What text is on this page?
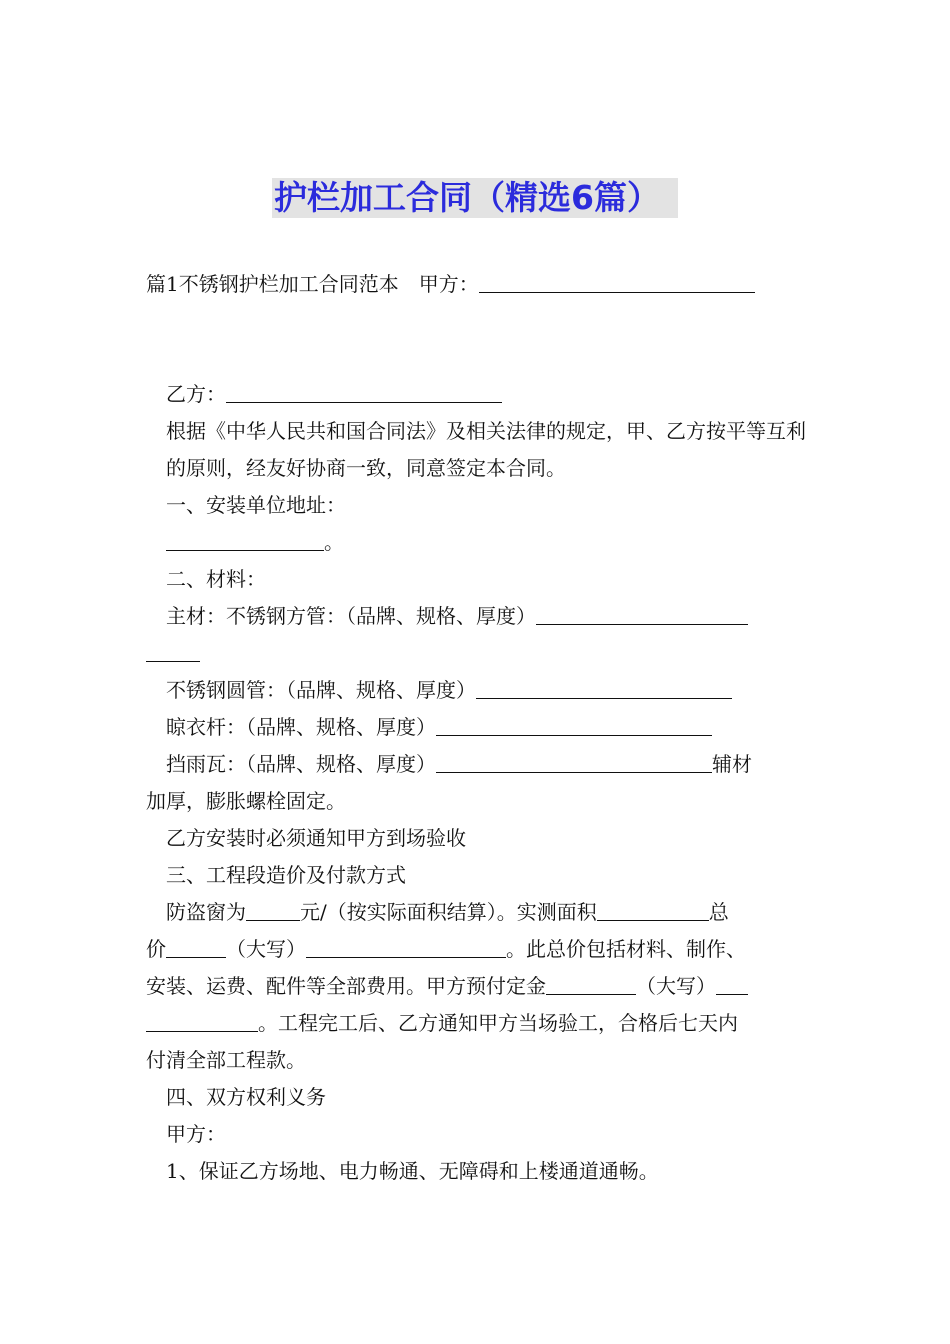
护栏加工合同（精选6篇）
篇1不锈钢护栏加工合同范本　甲方：
乙方：
根据《中华人民共和国合同法》及相关法律的规定，甲、乙方按平等互利的原则，经友好协商一致，同意签定本合同。
一、安装单位地址：
。
二、材料：
主材：不锈钢方管：（品牌、规格、厚度）
不锈钢圆管：（品牌、规格、厚度）
晾衣杆：（品牌、规格、厚度）
挡雨瓦：（品牌、规格、厚度）	辅材
加厚，膨胀螺栓固定。
乙方安装时必须通知甲方到场验收
三、工程段造价及付款方式
防盗窗为	元/（按实际面积结算）。实测面积	总
价	（大写）	。此总价包括材料、制作、
安装、运费、配件等全部费用。甲方预付定金	（大写）
。工程完工后、乙方通知甲方当场验工，合格后七天内
付清全部工程款。
四、双方权利义务
甲方：
1、保证乙方场地、电力畅通、无障碍和上楼通道通畅。
